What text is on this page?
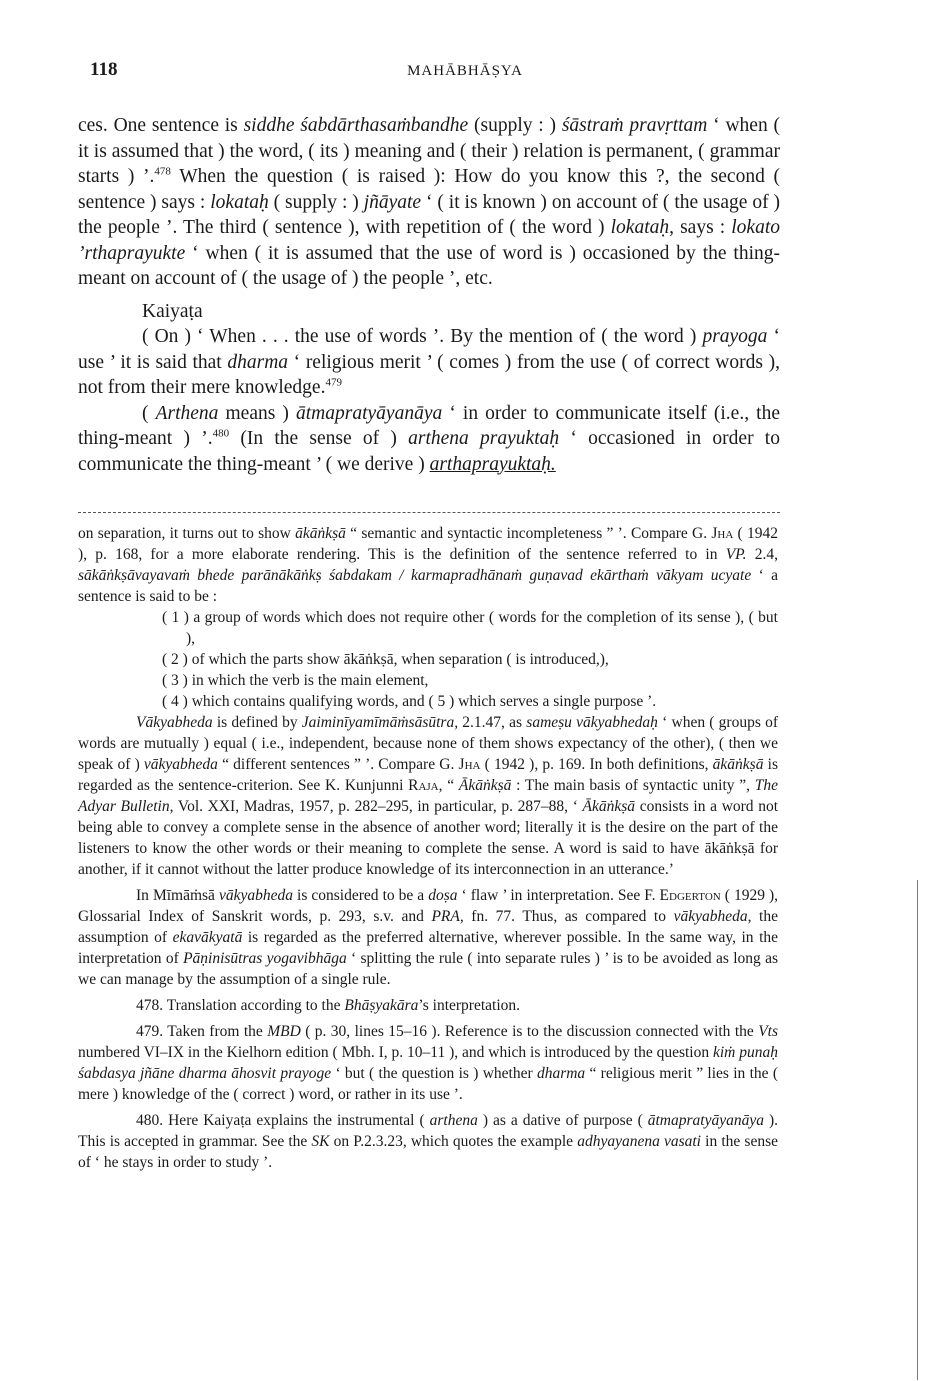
118	MAHĀBHĀṢYA

ces. One sentence is siddhe śabdārthasaṁbandhe (supply : ) śāstraṁ pravṛttam ‘ when ( it is assumed that ) the word, ( its ) meaning and ( their ) relation is permanent, ( grammar starts ) ’.$^{478}$ When the question ( is raised ): How do you know this ?, the second ( sentence ) says : lokataḥ ( supply : ) jñāyate ‘ ( it is known ) on account of ( the usage of ) the people ’. The third ( sentence ), with repetition of ( the word ) lokataḥ, says : lokato ’rthaprayukte ‘ when ( it is assumed that the use of word is ) occasioned by the thing-meant on account of ( the usage of ) the people ’, etc.

Kaiyaṭa

( On ) ‘ When . . . the use of words ’. By the mention of ( the word ) prayoga ‘ use ’ it is said that dharma ‘ religious merit ’ ( comes ) from the use ( of correct words ), not from their mere knowledge.$^{479}$

( Arthena means ) ātmapratyāyanāya ‘ in order to communicate itself (i.e., the thing-meant ) ’.$^{480}$ (In the sense of ) arthena prayuktaḥ ‘ occasioned in order to communicate the thing-meant ’ ( we derive ) arthaprayuktaḥ.

on separation, it turns out to show ākāṅkṣā “ semantic and syntactic incompleteness ” ’. Compare G. Jha ( 1942 ), p. 168, for a more elaborate rendering. This is the definition of the sentence referred to in VP. 2.4, sākāṅkṣāvayavaṁ bhede parānākāṅkṣ śabdakam / karmapradhānaṁ guṇavad ekārthaṁ vākyam ucyate ‘ a sentence is said to be :

( 1 ) a group of words which does not require other ( words for the completion of its sense ), ( but ),

( 2 ) of which the parts show ākāṅkṣā, when separation ( is introduced,),

( 3 ) in which the verb is the main element,

( 4 ) which contains qualifying words, and ( 5 ) which serves a single purpose ’.

Vākyabheda is defined by Jaiminīyamīmāṁsāsūtra, 2.1.47, as sameṣu vākyabhedaḥ ‘ when ( groups of words are mutually ) equal ( i.e., independent, because none of them shows expectancy of the other), ( then we speak of ) vākyabheda “ different sentences ” ’. Compare G. Jha ( 1942 ), p. 169. In both definitions, ākāṅkṣā is regarded as the sentence-criterion. See K. Kunjunni Raja, “ Ākāṅkṣā : The main basis of syntactic unity ”, The Adyar Bulletin, Vol. XXI, Madras, 1957, p. 282–295, in particular, p. 287–88, ‘ Ākāṅkṣā consists in a word not being able to convey a complete sense in the absence of another word; literally it is the desire on the part of the listeners to know the other words or their meaning to complete the sense. A word is said to have ākāṅkṣā for another, if it cannot without the latter produce knowledge of its interconnection in an utterance.’

In Mīmāṁsā vākyabheda is considered to be a doṣa ‘ flaw ’ in interpretation. See F. Edgerton ( 1929 ), Glossarial Index of Sanskrit words, p. 293, s.v. and PRA, fn. 77. Thus, as compared to vākyabheda, the assumption of ekavākyatā is regarded as the preferred alternative, wherever possible. In the same way, in the interpretation of Pāṇinisūtras yogavibhāga ‘ splitting the rule ( into separate rules ) ’ is to be avoided as long as we can manage by the assumption of a single rule.

478. Translation according to the Bhāṣyakāra’s interpretation.

479. Taken from the MBD ( p. 30, lines 15–16 ). Reference is to the discussion connected with the Vts numbered VI–IX in the Kielhorn edition ( Mbh. I, p. 10–11 ), and which is introduced by the question kiṁ punaḥ śabdasya jñāne dharma āhosvit prayoge ‘ but ( the question is ) whether dharma “ religious merit ” lies in the ( mere ) knowledge of the ( correct ) word, or rather in its use ’.

480. Here Kaiyaṭa explains the instrumental ( arthena ) as a dative of purpose ( ātmapratyāyanāya ). This is accepted in grammar. See the SK on P.2.3.23, which quotes the example adhyayanena vasati in the sense of ‘ he stays in order to study ’.
